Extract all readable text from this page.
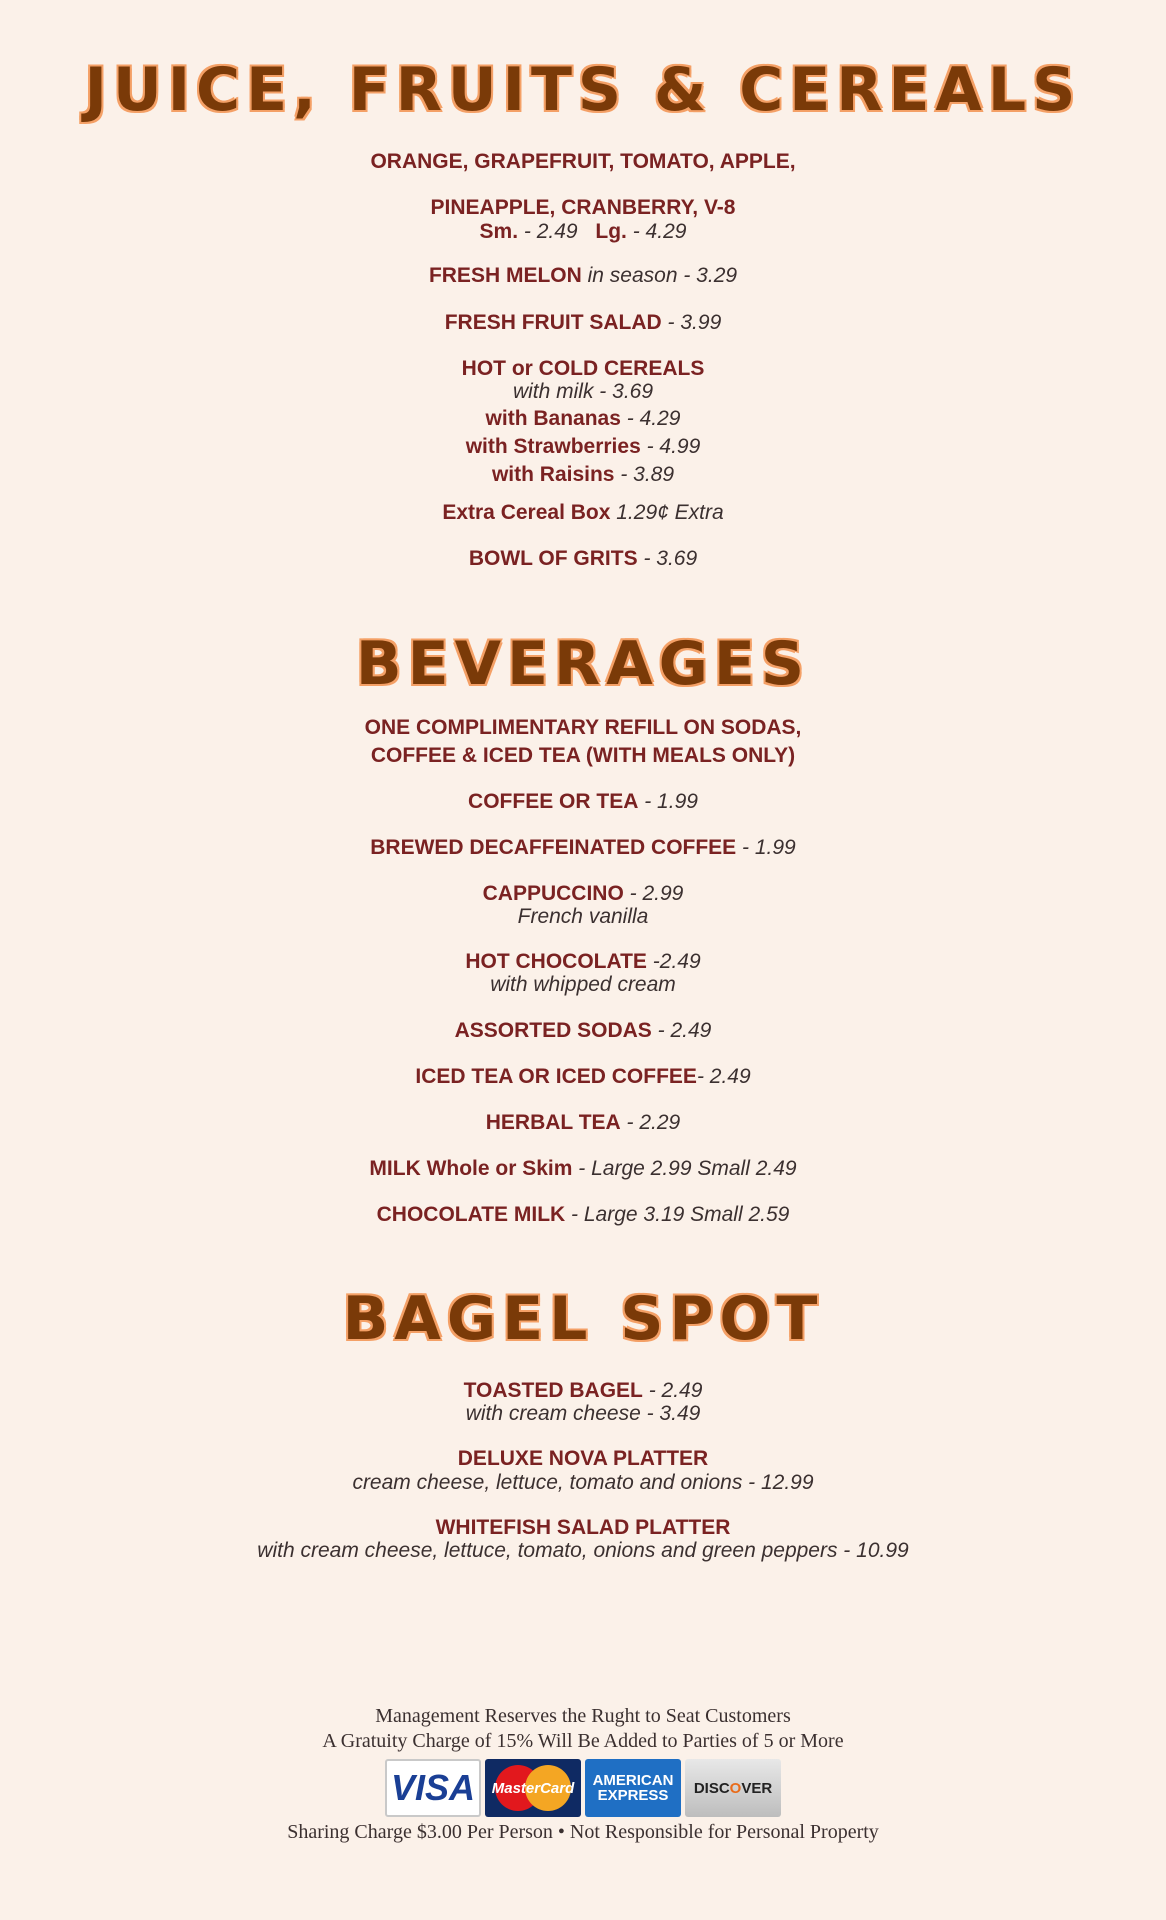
JUICE, FRUITS & CEREALS

ORANGE, GRAPEFRUIT, TOMATO, APPLE,

PINEAPPLE, CRANBERRY, V-8

Sm. - 2.49 Lg. - 4.29

FRESH MELON in season - 3.29

FRESH FRUIT SALAD - 3.99

HOT or COLD CEREALS
with milk - 3.69

with Bananas - 4.29

with Strawberries - 4.99

with Raisins - 3.89

Extra Cereal Box 1.29¢ Extra

BOWL OF GRITS - 3.69

BEVERAGES

ONE COMPLIMENTARY REFILL ON SODAS,

COFFEE & ICED TEA (WITH MEALS ONLY)

COFFEE OR TEA - 1.99

BREWED DECAFFEINATED COFFEE - 1.99

CAPPUCCINO - 2.99
French vanilla

HOT CHOCOLATE -2.49
with whipped cream

ASSORTED SODAS - 2.49

ICED TEA OR ICED COFFEE- 2.49

HERBAL TEA - 2.29

MILK Whole or Skim - Large 2.99 Small 2.49

CHOCOLATE MILK - Large 3.19 Small 2.59

BAGEL SPOT

TOASTED BAGEL - 2.49
with cream cheese - 3.49

DELUXE NOVA PLATTER
cream cheese, lettuce, tomato and onions - 12.99

WHITEFISH SALAD PLATTER
with cream cheese, lettuce, tomato, onions and green peppers - 10.99

Management Reserves the Rught to Seat Customers
A Gratuity Charge of 15% Will Be Added to Parties of 5 or More
VISA	MasterCard AMERICAN
EXPRESS DISC O VER
Sharing Charge $3.00 Per Person • Not Responsible for Personal Property
